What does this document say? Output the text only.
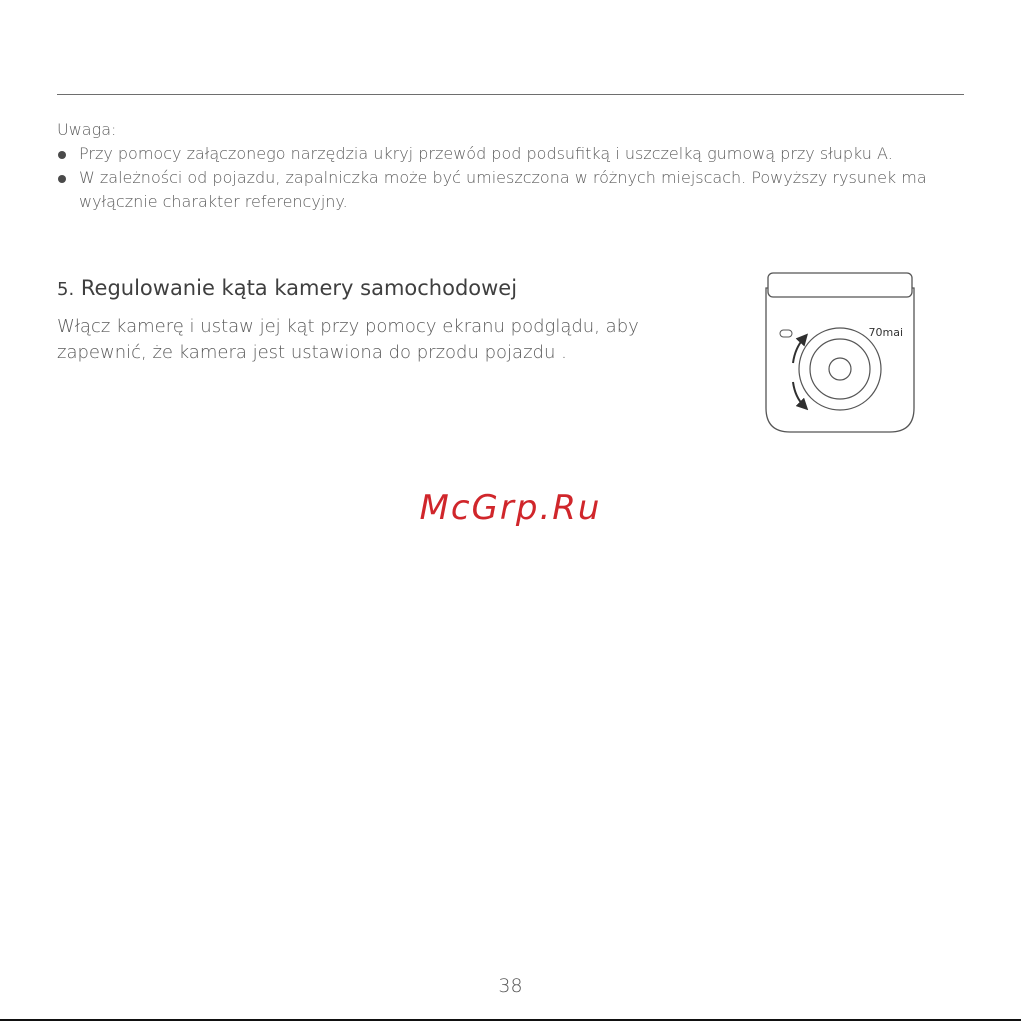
Uwaga:
Przy pomocy załączonego narzędzia ukryj przewód pod podsufitką i uszczelką gumową przy słupku A.
W zależności od pojazdu, zapalniczka może być umieszczona w różnych miejscach. Powyższy rysunek ma wyłącznie charakter referencyjny.
5. Regulowanie kąta kamery samochodowej

Włącz kamerę i ustaw jej kąt przy pomocy ekranu podglądu, aby zapewnić, że kamera jest ustawiona do przodu pojazdu .

70mai
McGrp.Ru
38
